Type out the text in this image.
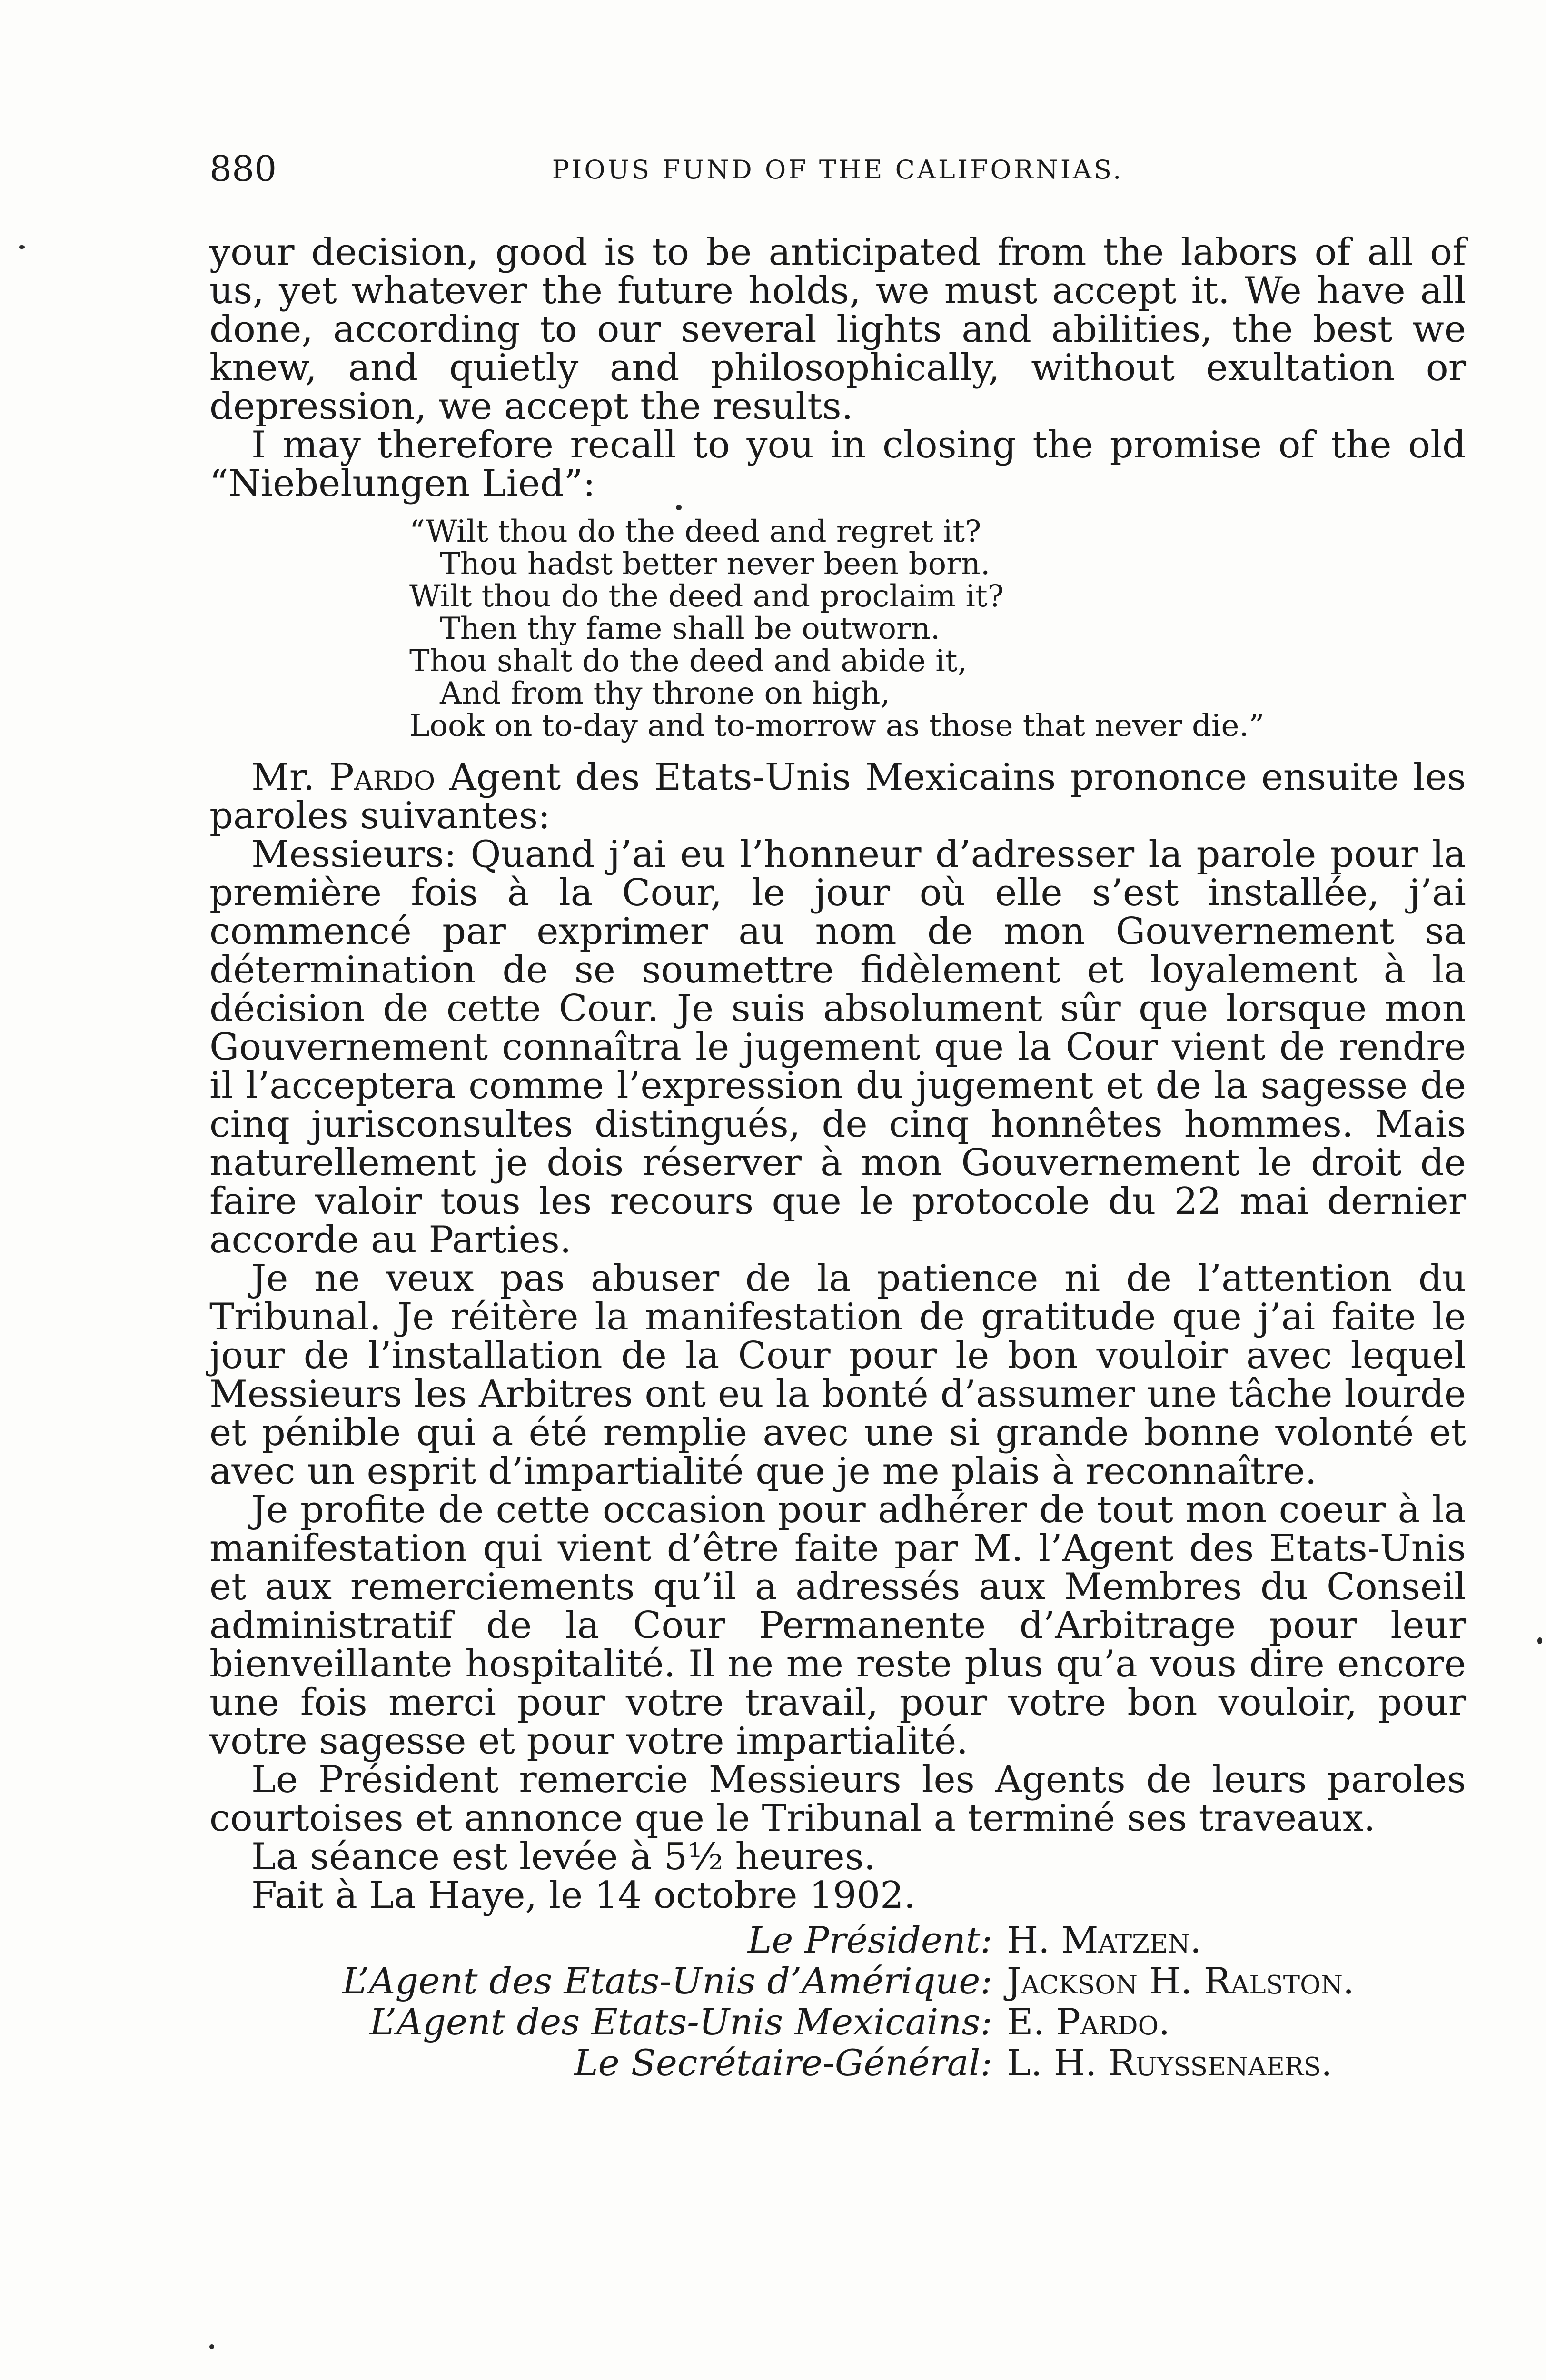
880	PIOUS FUND OF THE CALIFORNIAS.

your decision, good is to be anticipated from the labors of all of us, yet whatever the future holds, we must accept it. We have all done, according to our several lights and abilities, the best we knew, and quietly and philosophically, without exultation or depression, we accept the results.

I may therefore recall to you in closing the promise of the old “Niebelungen Lied”:

“Wilt thou do the deed and regret it?
Thou hadst better never been born.
Wilt thou do the deed and proclaim it?
Then thy fame shall be outworn.
Thou shalt do the deed and abide it,
And from thy throne on high,
Look on to-day and to-morrow as those that never die.”

Mr. Pardo Agent des Etats-Unis Mexicains prononce ensuite les paroles suivantes:

Messieurs: Quand j’ai eu l’honneur d’adresser la parole pour la première fois à la Cour, le jour où elle s’est installée, j’ai commencé par exprimer au nom de mon Gouvernement sa détermination de se soumettre fidèlement et loyalement à la décision de cette Cour. Je suis absolument sûr que lorsque mon Gouvernement connaîtra le jugement que la Cour vient de rendre il l’acceptera comme l’expression du jugement et de la sagesse de cinq jurisconsultes distingués, de cinq honnêtes hommes. Mais naturellement je dois réserver à mon Gouvernement le droit de faire valoir tous les recours que le protocole du 22 mai dernier accorde au Parties.

Je ne veux pas abuser de la patience ni de l’attention du Tribunal. Je réitère la manifestation de gratitude que j’ai faite le jour de l’installation de la Cour pour le bon vouloir avec lequel Messieurs les Arbitres ont eu la bonté d’assumer une tâche lourde et pénible qui a été remplie avec une si grande bonne volonté et avec un esprit d’impartialité que je me plais à reconnaître.

Je profite de cette occasion pour adhérer de tout mon coeur à la manifestation qui vient d’être faite par M. l’Agent des Etats-Unis et aux remerciements qu’il a adressés aux Membres du Conseil administratif de la Cour Permanente d’Arbitrage pour leur bienveillante hospitalité. Il ne me reste plus qu’a vous dire encore une fois merci pour votre travail, pour votre bon vouloir, pour votre sagesse et pour votre impartialité.

Le Président remercie Messieurs les Agents de leurs paroles courtoises et annonce que le Tribunal a terminé ses traveaux.

La séance est levée à 5½ heures.

Fait à La Haye, le 14 octobre 1902.

Le Président: H. Matzen.
L’Agent des Etats-Unis d’Amérique: Jackson H. Ralston.
L’Agent des Etats-Unis Mexicains: E. Pardo.
Le Secrétaire-Général: L. H. Ruyssenaers.
